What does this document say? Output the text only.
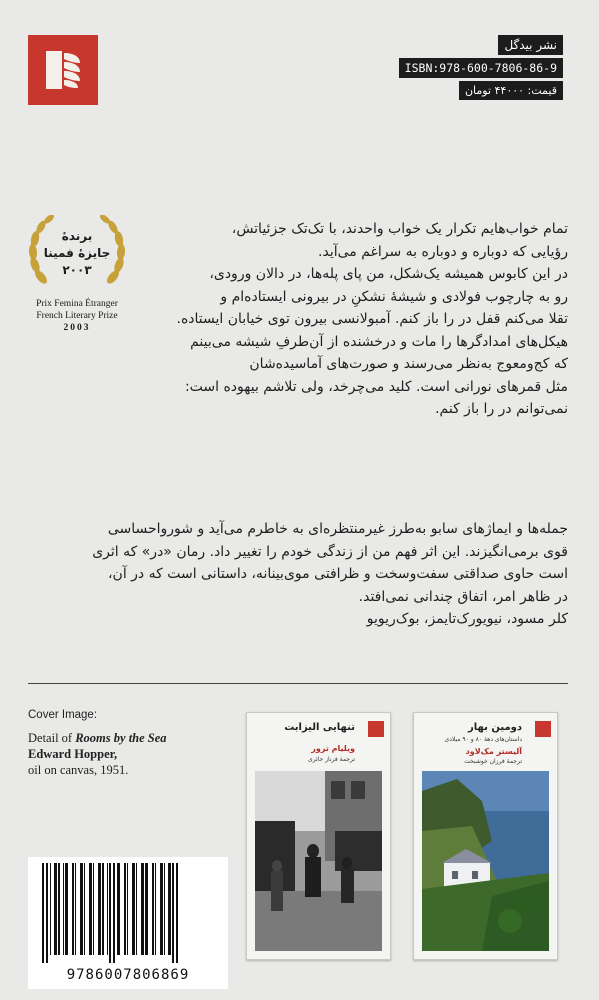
نشر بیدگل
ISBN:978-600-7806-86-9
قیمت: ۴۴۰۰۰ تومان
برندهٔ
جایزهٔ فمینا
۲۰۰۳
Prix Femina Étranger
French Literary Prize
2003

تمام خواب‌هایم تکرار یک خواب واحدند، با تک‌تک جزئیاتش،

رؤیایی که دوباره و دوباره به سراغم می‌آید.

در این کابوس همیشه یک‌شکل، من پای پله‌ها، در دالان ورودی،

رو به چارچوب فولادی و شیشهٔ نشکنِ در بیرونی ایستاده‌ام و

تقلا می‌کنم قفل در را باز کنم. آمبولانسی بیرون توی خیابان ایستاده.

هیکل‌های امدادگرها را مات و درخشنده از آن‌طرفِ شیشه می‌بینم

که کج‌ومعوج به‌نظر می‌رسند و صورت‌های آماسیده‌شان

مثل قمرهای نورانی است. کلید می‌چرخد، ولی تلاشم بیهوده است:

نمی‌توانم در را باز کنم.

جمله‌ها و ایماژهای سابو به‌طرز غیرمنتظره‌ای به خاطرم می‌آید و شوروا‌حساسی

قوی برمی‌انگیزند. این اثر فهم من از زندگی خودم را تغییر داد. رمان «در» که اثری

است حاوی صداقتی سفت‌وسخت و ظرافتی موی‌بینانه، داستانی است که در آن،

در ظاهر امر، اتفاق چندانی نمی‌افتد.

کلر مسود، نیویورک‌تایمز، بوک‌ریویو

Cover Image:
Detail of Rooms by the Sea
Edward Hopper,
oil on canvas, 1951.
تنهایی الیزابت
ویلیام ترور
ترجمهٔ فرناز حائری
دومین بهار
داستان‌های دهه‌ٔ ۸۰ و ۹۰ میلادی
آلیستر مک‌لاود
ترجمهٔ فرزان خوشبخت
9786007806869
